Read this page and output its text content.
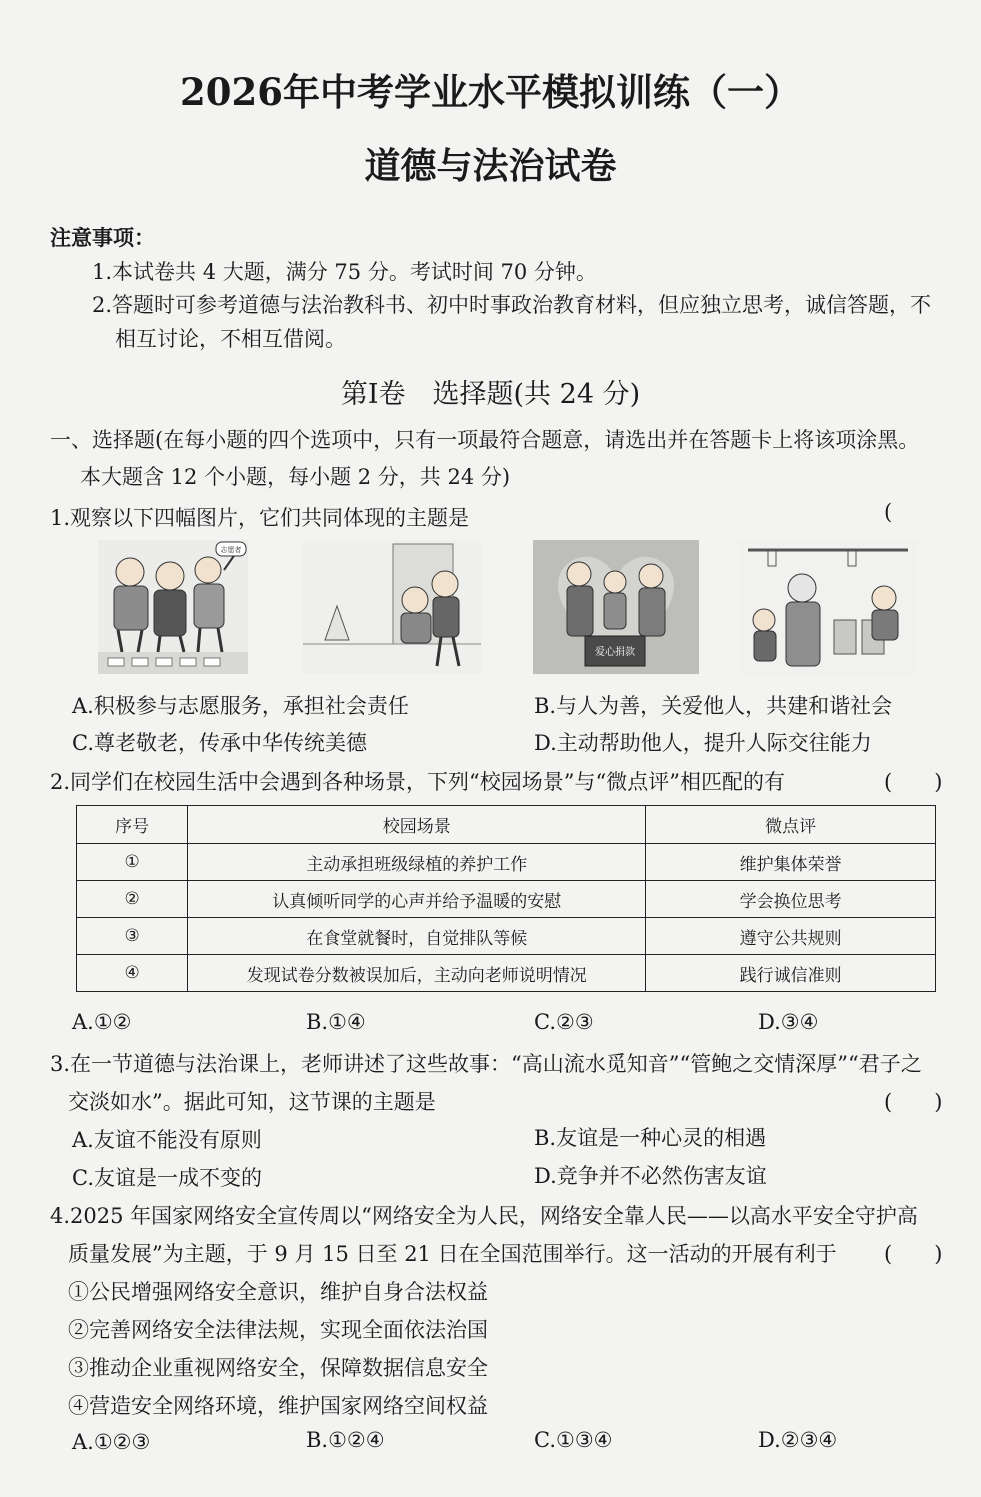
2026年中考学业水平模拟训练（一）
道德与法治试卷
注意事项：
1.本试卷共 4 大题，满分 75 分。考试时间 70 分钟。
2.答题时可参考道德与法治教科书、初中时事政治教育材料，但应独立思考，诚信答题，不
相互讨论，不相互借阅。
第Ⅰ卷　选择题(共 24 分)
一、选择题(在每小题的四个选项中，只有一项最符合题意，请选出并在答题卡上将该项涂黑。
本大题含 12 个小题，每小题 2 分，共 24 分)
1.观察以下四幅图片，它们共同体现的主题是	(
志愿者
爱心捐款
A.积极参与志愿服务，承担社会责任	B.与人为善，关爱他人，共建和谐社会
C.尊老敬老，传承中华传统美德	D.主动帮助他人，提升人际交往能力
2.同学们在校园生活中会遇到各种场景，下列“校园场景”与“微点评”相匹配的有	(　　)
序号	校园场景	微点评
①	主动承担班级绿植的养护工作	维护集体荣誉
②	认真倾听同学的心声并给予温暖的安慰	学会换位思考
③	在食堂就餐时，自觉排队等候	遵守公共规则
④	发现试卷分数被误加后，主动向老师说明情况	践行诚信准则
A.①②	B.①④	C.②③	D.③④
3.在一节道德与法治课上，老师讲述了这些故事：“高山流水觅知音”“管鲍之交情深厚”“君子之
交淡如水”。据此可知，这节课的主题是	(　　)
A.友谊不能没有原则	B.友谊是一种心灵的相遇
C.友谊是一成不变的	D.竞争并不必然伤害友谊
4.2025 年国家网络安全宣传周以“网络安全为人民，网络安全靠人民——以高水平安全守护高
质量发展”为主题，于 9 月 15 日至 21 日在全国范围举行。这一活动的开展有利于 (　　)
①公民增强网络安全意识，维护自身合法权益
②完善网络安全法律法规，实现全面依法治国
③推动企业重视网络安全，保障数据信息安全
④营造安全网络环境，维护国家网络空间权益
A.①②③	B.①②④	C.①③④	D.②③④
